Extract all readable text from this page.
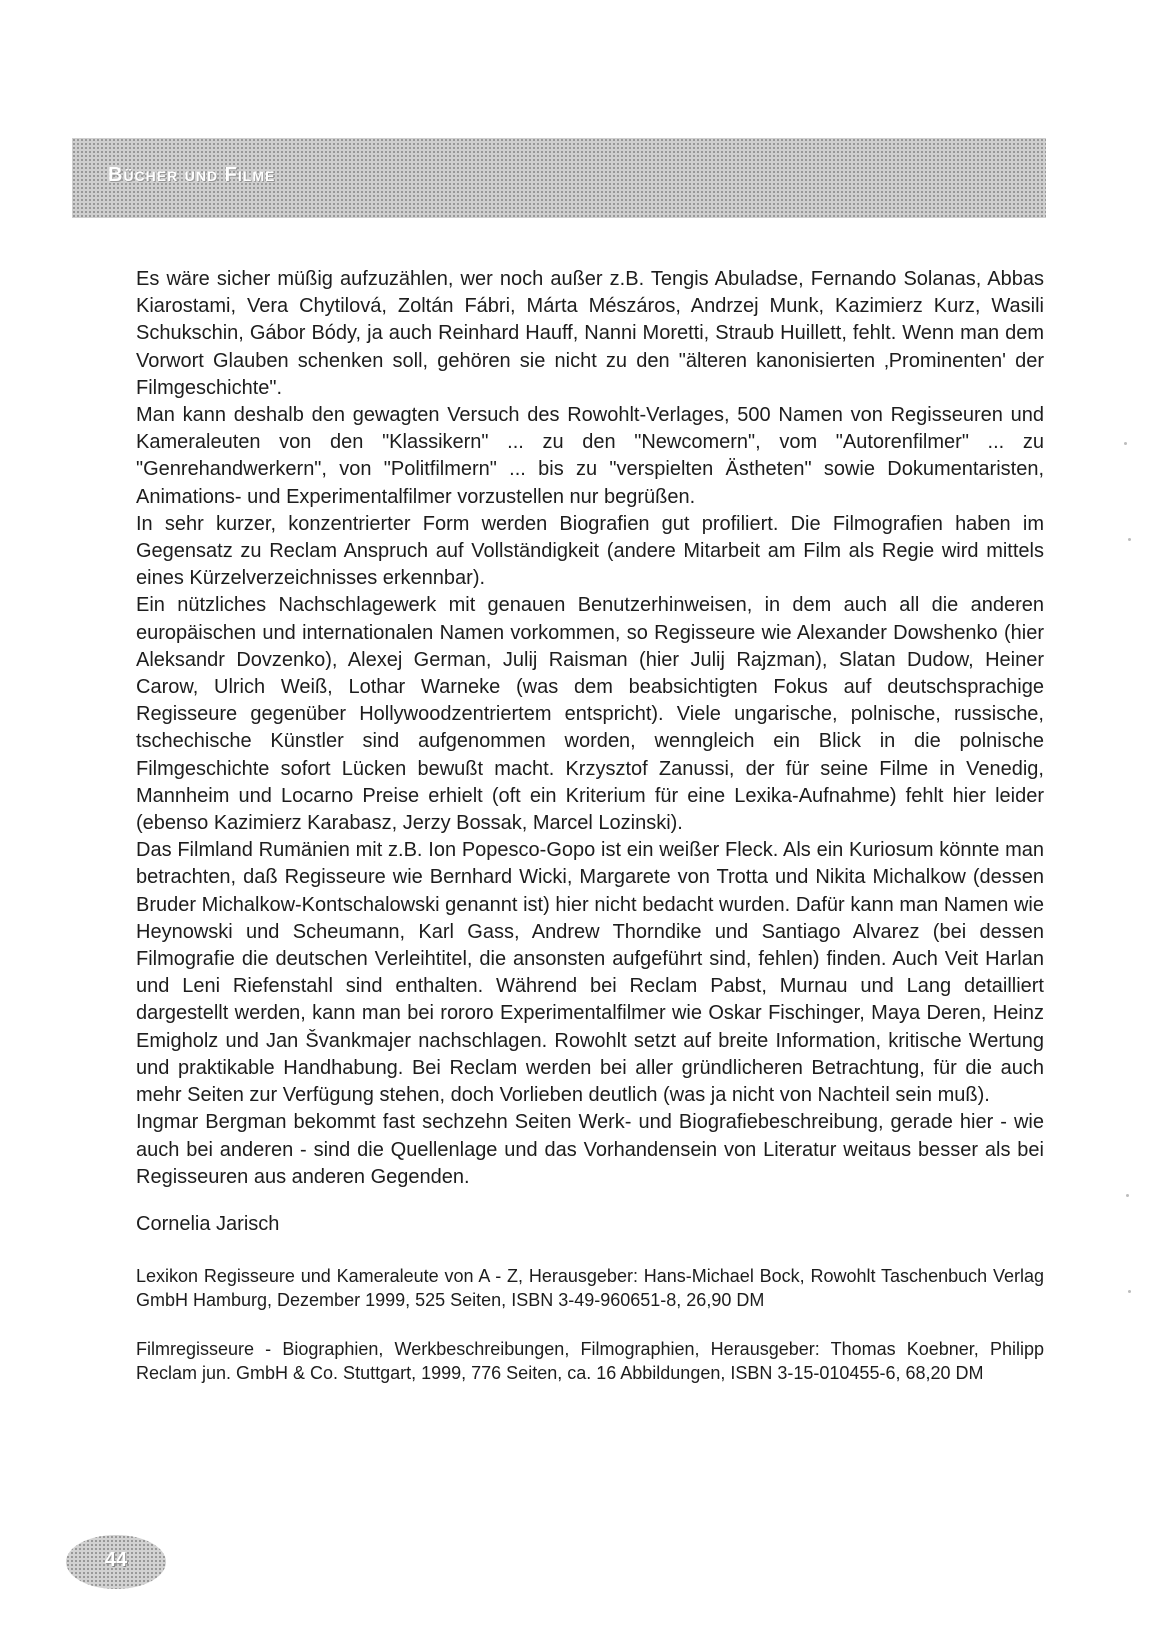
Bücher und Filme

Es wäre sicher müßig aufzuzählen, wer noch außer z.B. Tengis Abuladse, Fernando Solanas, Abbas Kiarostami, Vera Chytilová, Zoltán Fábri, Márta Mészáros, Andrzej Munk, Kazimierz Kurz, Wasili Schukschin, Gábor Bódy, ja auch Reinhard Hauff, Nanni Moretti, Straub Huillett, fehlt. Wenn man dem Vorwort Glauben schenken soll, gehören sie nicht zu den "älteren kanonisierten ‚Prominenten' der Filmgeschichte".

Man kann deshalb den gewagten Versuch des Rowohlt-Verlages, 500 Namen von Regisseuren und Kameraleuten von den "Klassikern" ... zu den "Newcomern", vom "Autorenfilmer" ... zu "Genrehandwerkern", von "Politfilmern" ... bis zu "verspielten Ästheten" sowie Dokumentaristen, Animations- und Experimentalfilmer vorzustellen nur begrüßen.

In sehr kurzer, konzentrierter Form werden Biografien gut profiliert. Die Filmografien haben im Gegensatz zu Reclam Anspruch auf Vollständigkeit (andere Mitarbeit am Film als Regie wird mittels eines Kürzelverzeichnisses erkennbar).

Ein nützliches Nachschlagewerk mit genauen Benutzerhinweisen, in dem auch all die anderen europäischen und internationalen Namen vorkommen, so Regisseure wie Alexander Dowshenko (hier Aleksandr Dovzenko), Alexej German, Julij Raisman (hier Julij Rajzman), Slatan Dudow, Heiner Carow, Ulrich Weiß, Lothar Warneke (was dem beabsichtigten Fokus auf deutschsprachige Regisseure gegenüber Hollywoodzentriertem entspricht). Viele ungarische, polnische, russische, tschechische Künstler sind aufgenommen worden, wenngleich ein Blick in die polnische Filmgeschichte sofort Lücken bewußt macht. Krzysztof Zanussi, der für seine Filme in Venedig, Mannheim und Locarno Preise erhielt (oft ein Kriterium für eine Lexika-Aufnahme) fehlt hier leider (ebenso Kazimierz Karabasz, Jerzy Bossak, Marcel Lozinski).

Das Filmland Rumänien mit z.B. Ion Popesco-Gopo ist ein weißer Fleck. Als ein Kuriosum könnte man betrachten, daß Regisseure wie Bernhard Wicki, Margarete von Trotta und Nikita Michalkow (dessen Bruder Michalkow-Kontschalowski genannt ist) hier nicht bedacht wurden. Dafür kann man Namen wie Heynowski und Scheumann, Karl Gass, Andrew Thorndike und Santiago Alvarez (bei dessen Filmografie die deutschen Verleihtitel, die ansonsten aufgeführt sind, fehlen) finden. Auch Veit Harlan und Leni Riefenstahl sind enthalten. Während bei Reclam Pabst, Murnau und Lang detailliert dargestellt werden, kann man bei rororo Experimentalfilmer wie Oskar Fischinger, Maya Deren, Heinz Emigholz und Jan Švankmajer nachschlagen. Rowohlt setzt auf breite Information, kritische Wertung und praktikable Handhabung. Bei Reclam werden bei aller gründlicheren Betrachtung, für die auch mehr Seiten zur Verfügung stehen, doch Vorlieben deutlich (was ja nicht von Nachteil sein muß).

Ingmar Bergman bekommt fast sechzehn Seiten Werk- und Biografiebeschreibung, gerade hier - wie auch bei anderen - sind die Quellenlage und das Vorhandensein von Literatur weitaus besser als bei Regisseuren aus anderen Gegenden.

Cornelia Jarisch

Lexikon Regisseure und Kameraleute von A - Z, Herausgeber: Hans-Michael Bock, Rowohlt Taschenbuch Verlag GmbH Hamburg, Dezember 1999, 525 Seiten, ISBN 3-49-960651-8, 26,90 DM

Filmregisseure - Biographien, Werkbeschreibungen, Filmographien, Herausgeber: Thomas Koebner, Philipp Reclam jun. GmbH & Co. Stuttgart, 1999, 776 Seiten, ca. 16 Abbildungen, ISBN 3-15-010455-6, 68,20 DM

44
